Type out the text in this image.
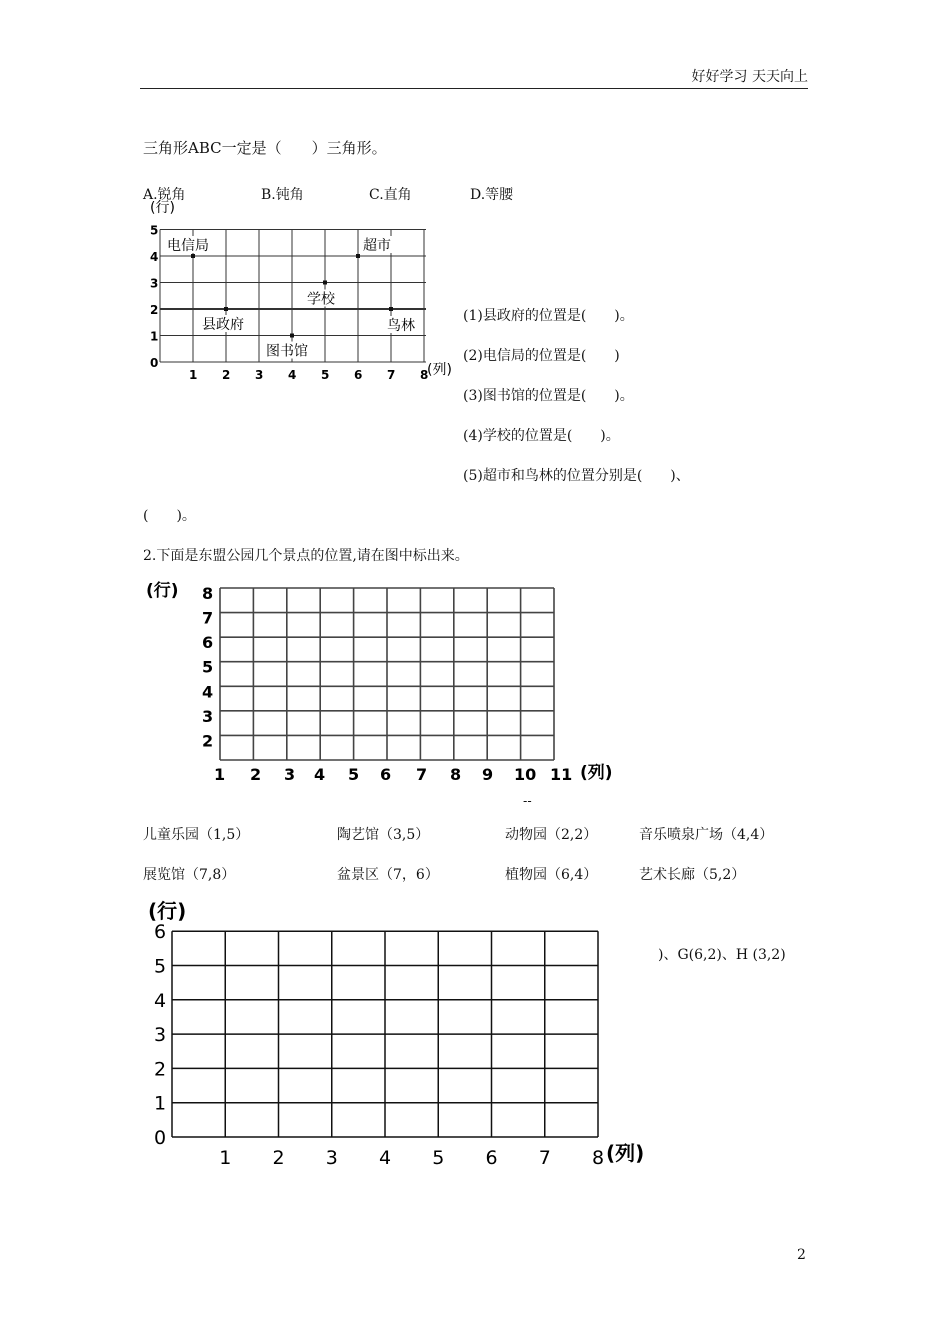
好好学习 天天向上
三角形ABC一定是（　　）三角形。
A.锐角	B.钝角	C.直角	D.等腰
(行)
(列)
5
4
3
2
1
0
1 2 3 4 5 6 7 8
电信局	超市
学校
县政府	鸟林
图书馆
(1)县政府的位置是(　　)。
(2)电信局的位置是(　　)
(3)图书馆的位置是(　　)。
(4)学校的位置是(　　)。
(5)超市和鸟林的位置分别是(　　)、
(　　)。
2.下面是东盟公园几个景点的位置,请在图中标出来。
(行)
(列)
8
7
6
5
4
3
2
1 2 3 4 5 6 7 8 9 10 11
--
儿童乐园（1,5）	陶艺馆（3,5）	动物园（2,2）	音乐喷泉广场（4,4）
展览馆（7,8）	盆景区（7，6）	植物园（6,4）	艺术长廊（5,2）
(行)
(列)
6
5
4
3
2
1
0
1 2 3 4 5 6 7 8
)、G(6,2)、H (3,2)
2
